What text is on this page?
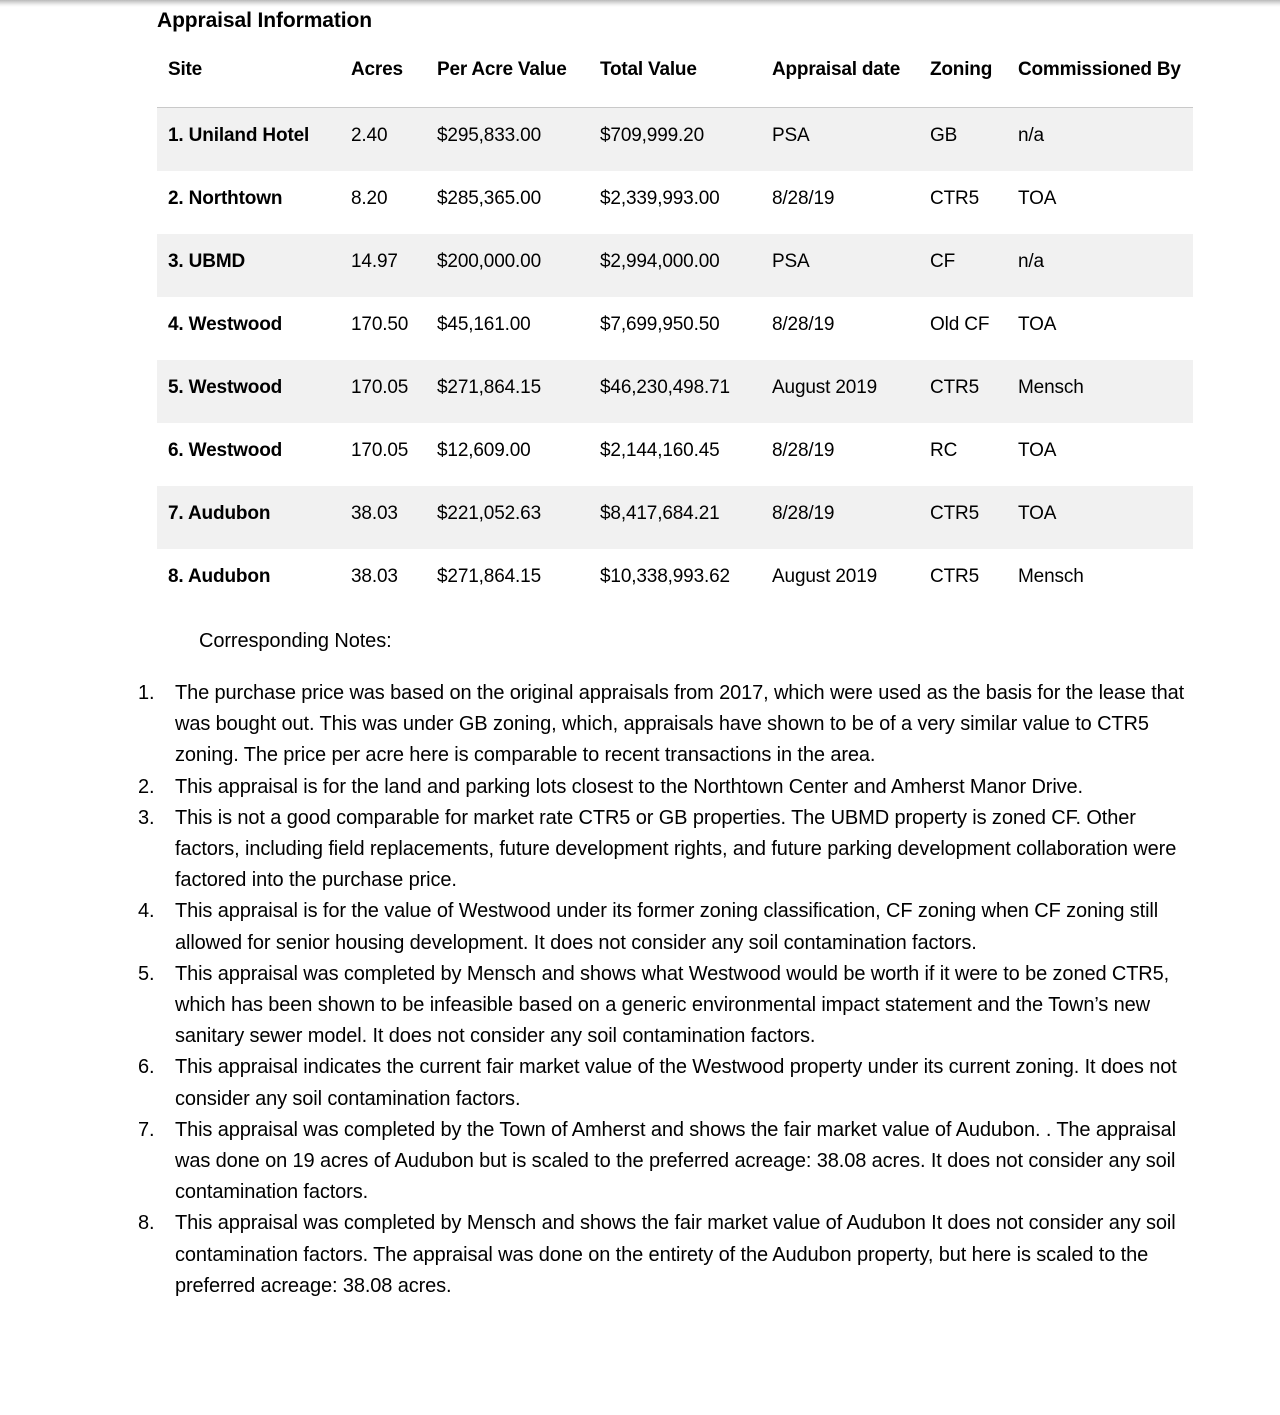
Appraisal Information
Site	Acres	Per Acre Value	Total Value	Appraisal date	Zoning	Commissioned By
1. Uniland Hotel	2.40	$295,833.00	$709,999.20	PSA	GB	n/a
2. Northtown	8.20	$285,365.00	$2,339,993.00	8/28/19	CTR5	TOA
3. UBMD	14.97	$200,000.00	$2,994,000.00	PSA	CF	n/a
4. Westwood	170.50	$45,161.00	$7,699,950.50	8/28/19	Old CF	TOA
5. Westwood	170.05	$271,864.15	$46,230,498.71	August 2019	CTR5	Mensch
6. Westwood	170.05	$12,609.00	$2,144,160.45	8/28/19	RC	TOA
7. Audubon	38.03	$221,052.63	$8,417,684.21	8/28/19	CTR5	TOA
8. Audubon	38.03	$271,864.15	$10,338,993.62	August 2019	CTR5	Mensch
Corresponding Notes:
1.	The purchase price was based on the original appraisals from 2017, which were used as the basis for the lease that was bought out. This was under GB zoning, which, appraisals have shown to be of a very similar value to CTR5 zoning. The price per acre here is comparable to recent transactions in the area.
2.	This appraisal is for the land and parking lots closest to the Northtown Center and Amherst Manor Drive.
3.	This is not a good comparable for market rate CTR5 or GB properties. The UBMD property is zoned CF. Other factors, including field replacements, future development rights, and future parking development collaboration were factored into the purchase price.
4.	This appraisal is for the value of Westwood under its former zoning classification, CF zoning when CF zoning still allowed for senior housing development. It does not consider any soil contamination factors.
5.	This appraisal was completed by Mensch and shows what Westwood would be worth if it were to be zoned CTR5, which has been shown to be infeasible based on a generic environmental impact statement and the Town’s new sanitary sewer model. It does not consider any soil contamination factors.
6.	This appraisal indicates the current fair market value of the Westwood property under its current zoning. It does not consider any soil contamination factors.
7.	This appraisal was completed by the Town of Amherst and shows the fair market value of Audubon. . The appraisal was done on 19 acres of Audubon but is scaled to the preferred acreage: 38.08 acres. It does not consider any soil contamination factors.
8.	This appraisal was completed by Mensch and shows the fair market value of Audubon It does not consider any soil contamination factors. The appraisal was done on the entirety of the Audubon property, but here is scaled to the preferred acreage: 38.08 acres.
